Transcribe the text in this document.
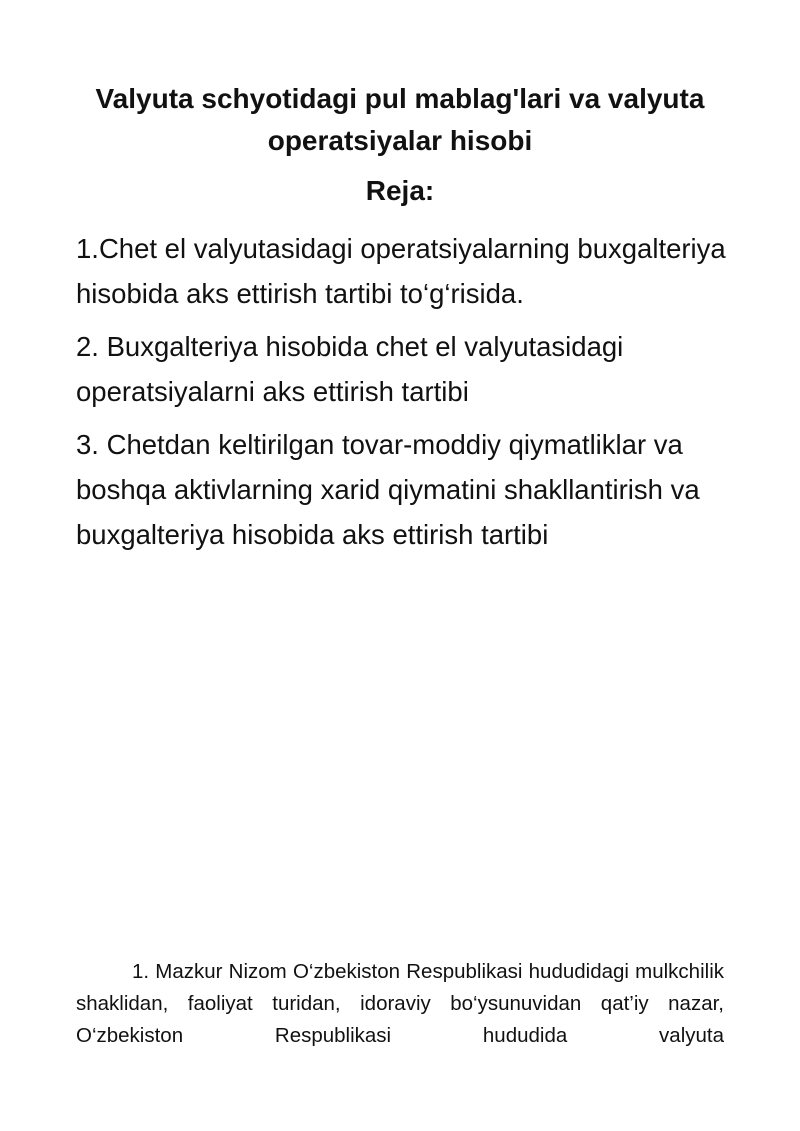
Valyuta schyotidagi pul mablag'lari va valyuta operatsiyalar hisobi
Reja:
1.Chet el valyutasidagi operatsiyalarning buxgalteriya hisobida aks ettirish tartibi to‘g‘risida.
2. Buxgalteriya hisobida chet el valyutasidagi operatsiyalarni aks ettirish tartibi
3. Chetdan keltirilgan tovar-moddiy qiymatliklar va boshqa aktivlarning xarid qiymatini shakllantirish va buxgalteriya hisobida aks ettirish tartibi

1. Mazkur Nizom O‘zbekiston Respublikasi hududidagi mulkchilik shaklidan, faoliyat turidan, idoraviy bo‘ysunuvidan qat’iy nazar, O‘zbekiston Respublikasi hududida valyuta
